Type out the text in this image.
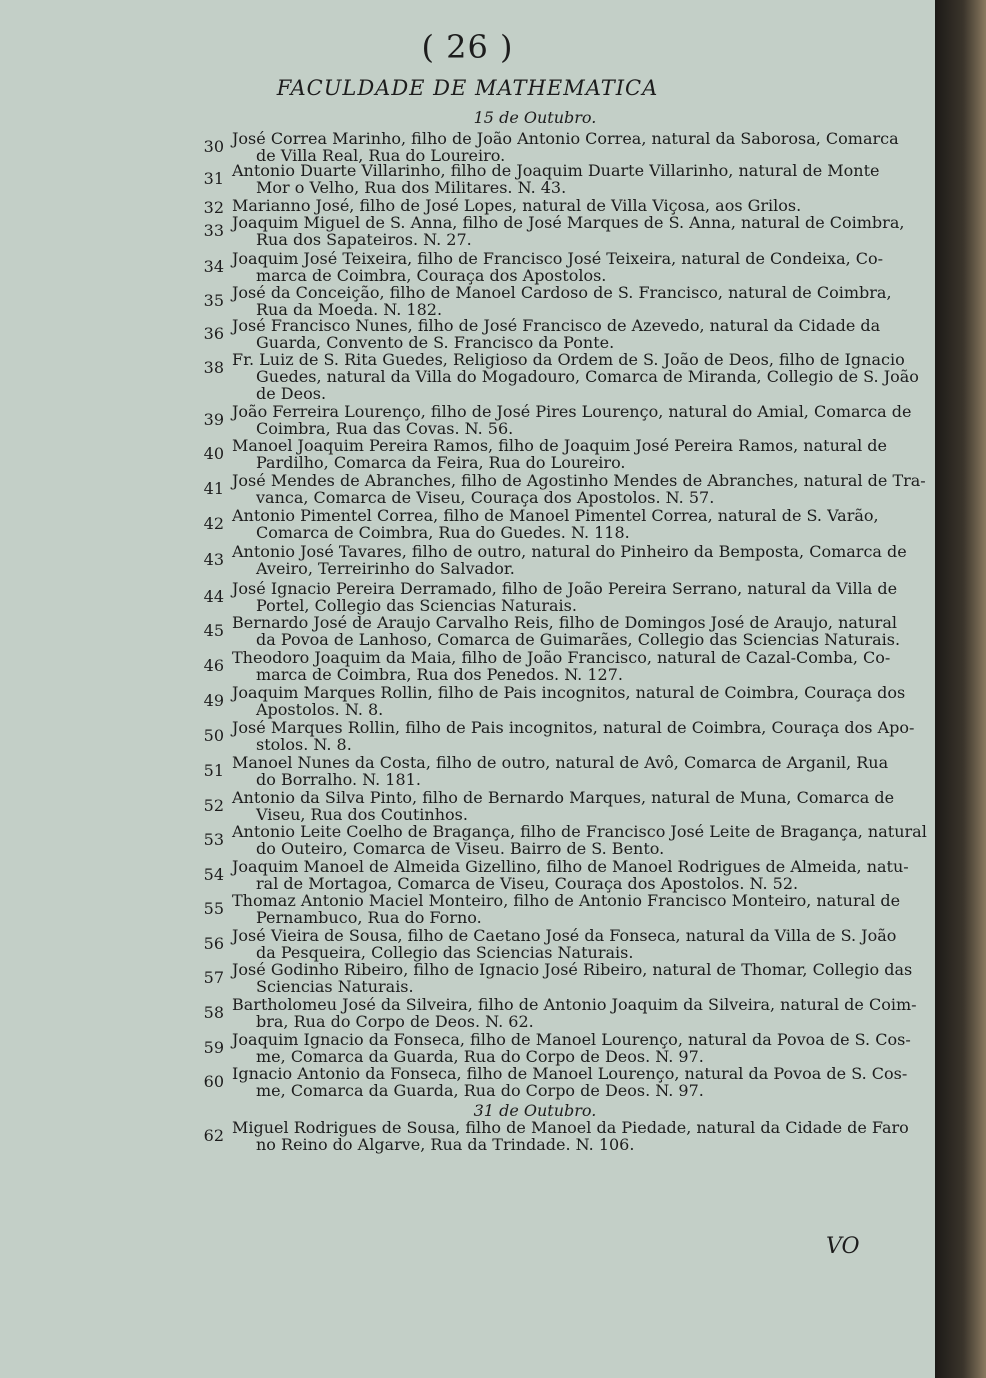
( 26 )
FACULDADE DE MATHEMATICA
15 de Outubro.
30 José Correa Marinho, filho de João Antonio Correa, natural da Saborosa, Comarca
de Villa Real, Rua do Loureiro.
31 Antonio Duarte Villarinho, filho de Joaquim Duarte Villarinho, natural de Monte
Mor o Velho, Rua dos Militares. N. 43.
32 Marianno José, filho de José Lopes, natural de Villa Viçosa, aos Grilos.
33 Joaquim Miguel de S. Anna, filho de José Marques de S. Anna, natural de Coimbra,
Rua dos Sapateiros. N. 27.
34 Joaquim José Teixeira, filho de Francisco José Teixeira, natural de Condeixa, Co-
marca de Coimbra, Couraça dos Apostolos.
35 José da Conceição, filho de Manoel Cardoso de S. Francisco, natural de Coimbra,
Rua da Moeda. N. 182.
36 José Francisco Nunes, filho de José Francisco de Azevedo, natural da Cidade da
Guarda, Convento de S. Francisco da Ponte.
38 Fr. Luiz de S. Rita Guedes, Religioso da Ordem de S. João de Deos, filho de Ignacio
Guedes, natural da Villa do Mogadouro, Comarca de Miranda, Collegio de S. João
de Deos.
39 João Ferreira Lourenço, filho de José Pires Lourenço, natural do Amial, Comarca de
Coimbra, Rua das Covas. N. 56.
40 Manoel Joaquim Pereira Ramos, filho de Joaquim José Pereira Ramos, natural de
Pardilho, Comarca da Feira, Rua do Loureiro.
41 José Mendes de Abranches, filho de Agostinho Mendes de Abranches, natural de Tra-
vanca, Comarca de Viseu, Couraça dos Apostolos. N. 57.
42 Antonio Pimentel Correa, filho de Manoel Pimentel Correa, natural de S. Varão,
Comarca de Coimbra, Rua do Guedes. N. 118.
43 Antonio José Tavares, filho de outro, natural do Pinheiro da Bemposta, Comarca de
Aveiro, Terreirinho do Salvador.
44 José Ignacio Pereira Derramado, filho de João Pereira Serrano, natural da Villa de
Portel, Collegio das Sciencias Naturais.
45 Bernardo José de Araujo Carvalho Reis, filho de Domingos José de Araujo, natural
da Povoa de Lanhoso, Comarca de Guimarães, Collegio das Sciencias Naturais.
46 Theodoro Joaquim da Maia, filho de João Francisco, natural de Cazal-Comba, Co-
marca de Coimbra, Rua dos Penedos. N. 127.
49 Joaquim Marques Rollin, filho de Pais incognitos, natural de Coimbra, Couraça dos
Apostolos. N. 8.
50 José Marques Rollin, filho de Pais incognitos, natural de Coimbra, Couraça dos Apo-
stolos. N. 8.
51 Manoel Nunes da Costa, filho de outro, natural de Avô, Comarca de Arganil, Rua
do Borralho. N. 181.
52 Antonio da Silva Pinto, filho de Bernardo Marques, natural de Muna, Comarca de
Viseu, Rua dos Coutinhos.
53 Antonio Leite Coelho de Bragança, filho de Francisco José Leite de Bragança, natural
do Outeiro, Comarca de Viseu. Bairro de S. Bento.
54 Joaquim Manoel de Almeida Gizellino, filho de Manoel Rodrigues de Almeida, natu-
ral de Mortagoa, Comarca de Viseu, Couraça dos Apostolos. N. 52.
55 Thomaz Antonio Maciel Monteiro, filho de Antonio Francisco Monteiro, natural de
Pernambuco, Rua do Forno.
56 José Vieira de Sousa, filho de Caetano José da Fonseca, natural da Villa de S. João
da Pesqueira, Collegio das Sciencias Naturais.
57 José Godinho Ribeiro, filho de Ignacio José Ribeiro, natural de Thomar, Collegio das
Sciencias Naturais.
58 Bartholomeu José da Silveira, filho de Antonio Joaquim da Silveira, natural de Coim-
bra, Rua do Corpo de Deos. N. 62.
59 Joaquim Ignacio da Fonseca, filho de Manoel Lourenço, natural da Povoa de S. Cos-
me, Comarca da Guarda, Rua do Corpo de Deos. N. 97.
60 Ignacio Antonio da Fonseca, filho de Manoel Lourenço, natural da Povoa de S. Cos-
me, Comarca da Guarda, Rua do Corpo de Deos. N. 97.
31 de Outubro.
62 Miguel Rodrigues de Sousa, filho de Manoel da Piedade, natural da Cidade de Faro
no Reino do Algarve, Rua da Trindade. N. 106.
VO
